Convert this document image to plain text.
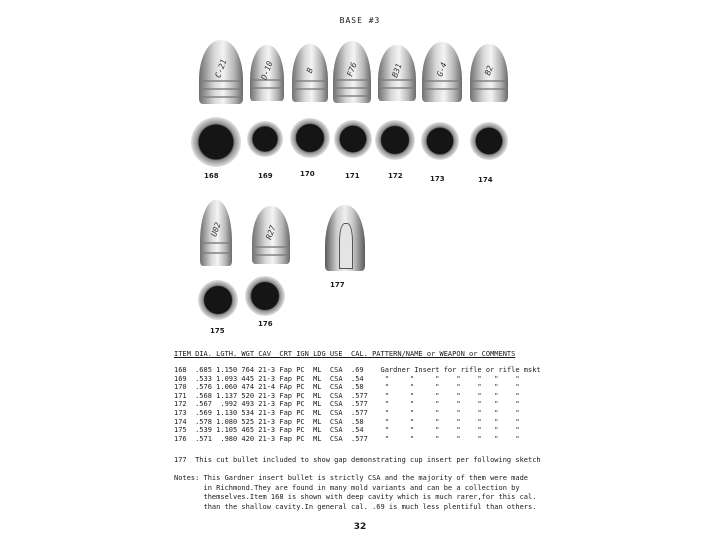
BASE #3
C-21	D-10	B	F76	B31	G-4	B2
168	169	170	171	172	173	174
U02	R27
175
176
177
ITEM DIA. LGTH. WGT CAV  CRT IGN LDG USE  CAL. PATTERN/NAME or WEAPON or COMMENTS
168  .685 1.150 764 21-3 Fap PC  ML  CSA  .69    Gardner Insert for rifle or rifle mskt
169  .533 1.093 445 21-3 Fap PC  ML  CSA  .54     "     "     "    "    "   "    "
170  .576 1.060 474 21-4 FAp PC  ML  CSA  .58     "     "     "    "    "   "    "
171  .568 1.137 520 21-3 Fap PC  ML  CSA  .577    "     "     "    "    "   "    "
172  .567  .992 493 21-3 Fap PC  ML  CSA  .577    "     "     "    "    "   "    "
173  .569 1.130 534 21-3 Fap PC  ML  CSA  .577    "     "     "    "    "   "    "
174  .578 1.080 525 21-3 Fap PC  ML  CSA  .58     "     "     "    "    "   "    "
175  .539 1.105 465 21-3 Fap PC  ML  CSA  .54     "     "     "    "    "   "    "
176  .571  .980 420 21-3 Fap PC  ML  CSA  .577    "     "     "    "    "   "    "
177  This cut bullet included to show gap demonstrating cup insert per following sketch
Notes: This Gardner insert bullet is strictly CSA and the majority of them were made
in Richmond.They are found in many mold variants and can be a collection by
themselves.Item 168 is shown with deep cavity which is much rarer,for this cal.
than the shallow cavity.In general cal. .69 is much less plentiful than others.
32
